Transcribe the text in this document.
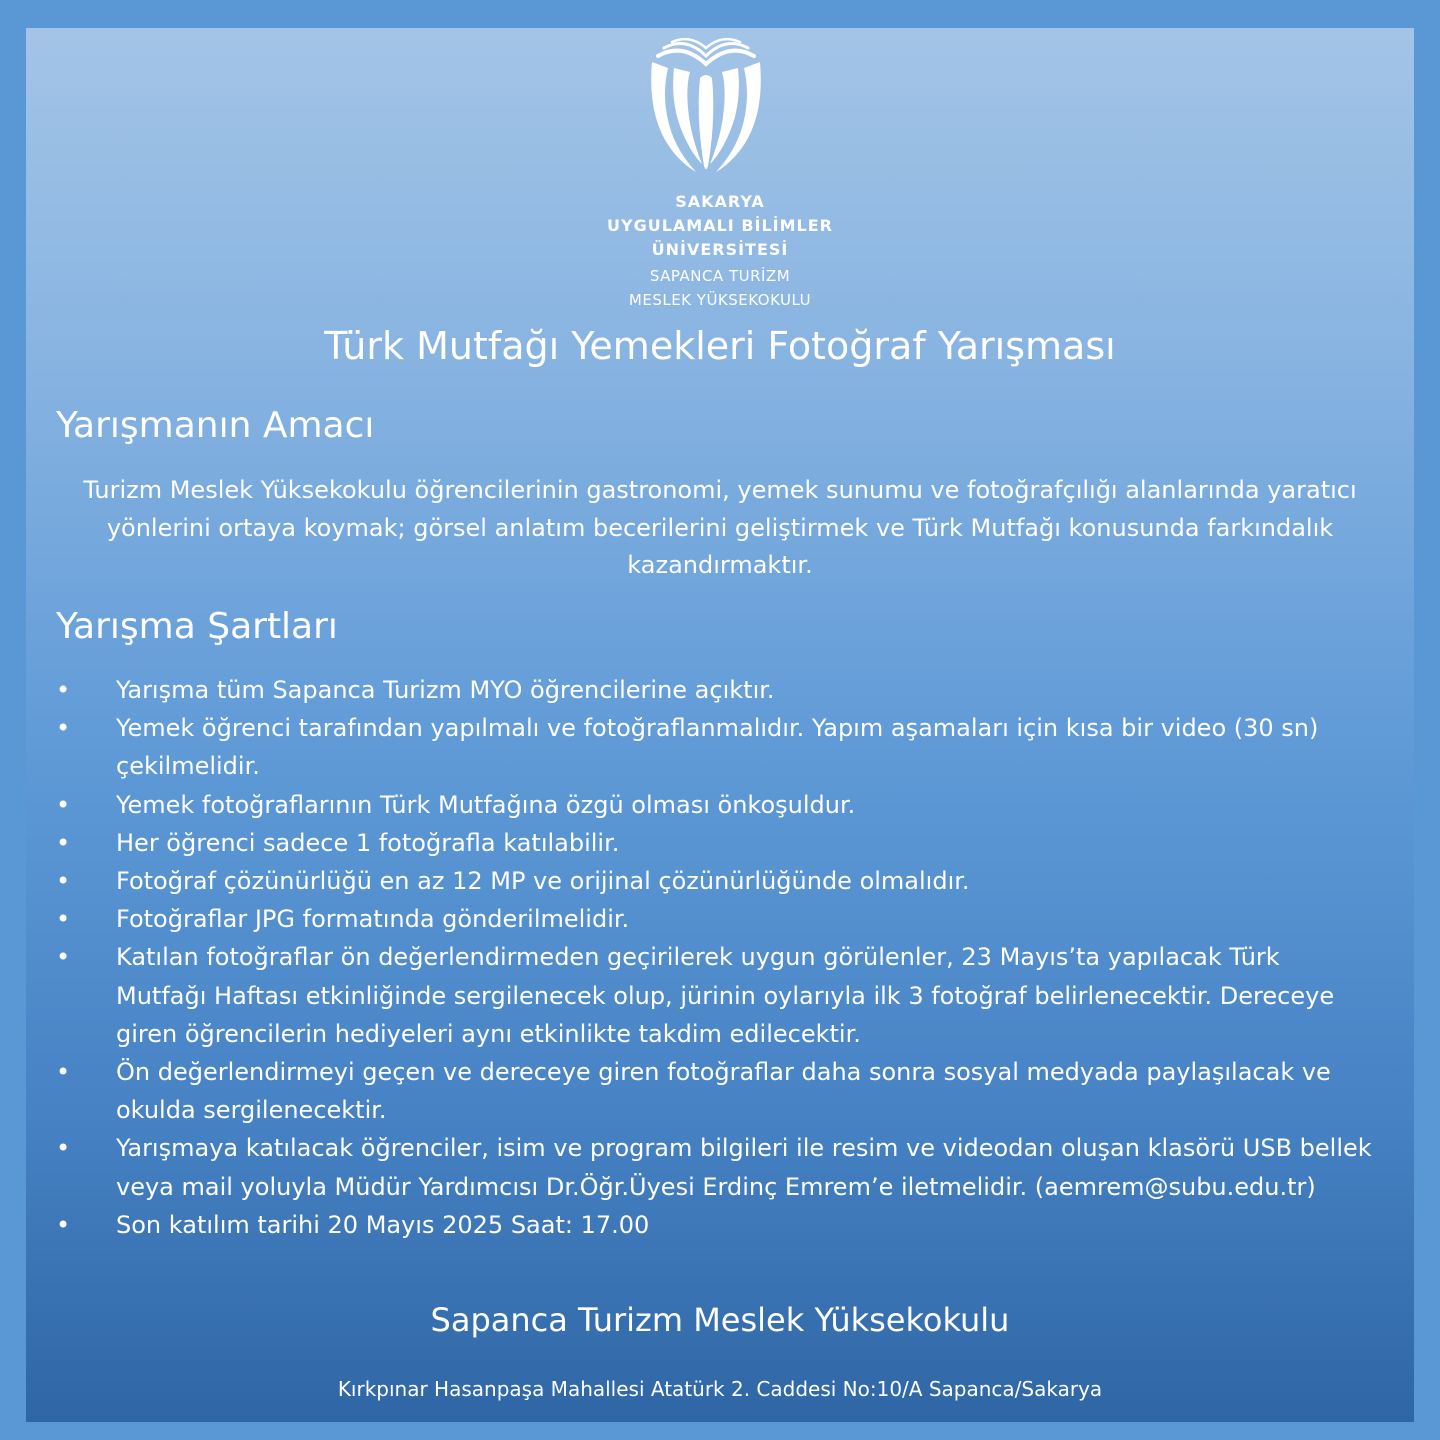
SAKARYA
UYGULAMALI BİLİMLER
ÜNİVERSİTESİ
SAPANCA TURİZM
MESLEK YÜKSEKOKULU
Türk Mutfağı Yemekleri Fotoğraf Yarışması
Yarışmanın Amacı

Turizm Meslek Yüksekokulu öğrencilerinin gastronomi, yemek sunumu ve fotoğrafçılığı alanlarında yaratıcı yönlerini ortaya koymak; görsel anlatım becerilerini geliştirmek ve Türk Mutfağı konusunda farkındalık kazandırmaktır.

Yarışma Şartları
• Yarışma tüm Sapanca Turizm MYO öğrencilerine açıktır.
• Yemek öğrenci tarafından yapılmalı ve fotoğraflanmalıdır. Yapım aşamaları için kısa bir video (30 sn) çekilmelidir.
• Yemek fotoğraflarının Türk Mutfağına özgü olması önkoşuldur.
• Her öğrenci sadece 1 fotoğrafla katılabilir.
• Fotoğraf çözünürlüğü en az 12 MP ve orijinal çözünürlüğünde olmalıdır.
• Fotoğraflar JPG formatında gönderilmelidir.
• Katılan fotoğraflar ön değerlendirmeden geçirilerek uygun görülenler, 23 Mayıs’ta yapılacak Türk Mutfağı Haftası etkinliğinde sergilenecek olup, jürinin oylarıyla ilk 3 fotoğraf belirlenecektir. Dereceye giren öğrencilerin hediyeleri aynı etkinlikte takdim edilecektir.
• Ön değerlendirmeyi geçen ve dereceye giren fotoğraflar daha sonra sosyal medyada paylaşılacak ve okulda sergilenecektir.
• Yarışmaya katılacak öğrenciler, isim ve program bilgileri ile resim ve videodan oluşan klasörü USB bellek veya mail yoluyla Müdür Yardımcısı Dr.Öğr.Üyesi Erdinç Emrem’e iletmelidir. (aemrem@subu.edu.tr)
• Son katılım tarihi 20 Mayıs 2025 Saat: 17.00
Sapanca Turizm Meslek Yüksekokulu
Kırkpınar Hasanpaşa Mahallesi Atatürk 2. Caddesi No:10/A Sapanca/Sakarya
